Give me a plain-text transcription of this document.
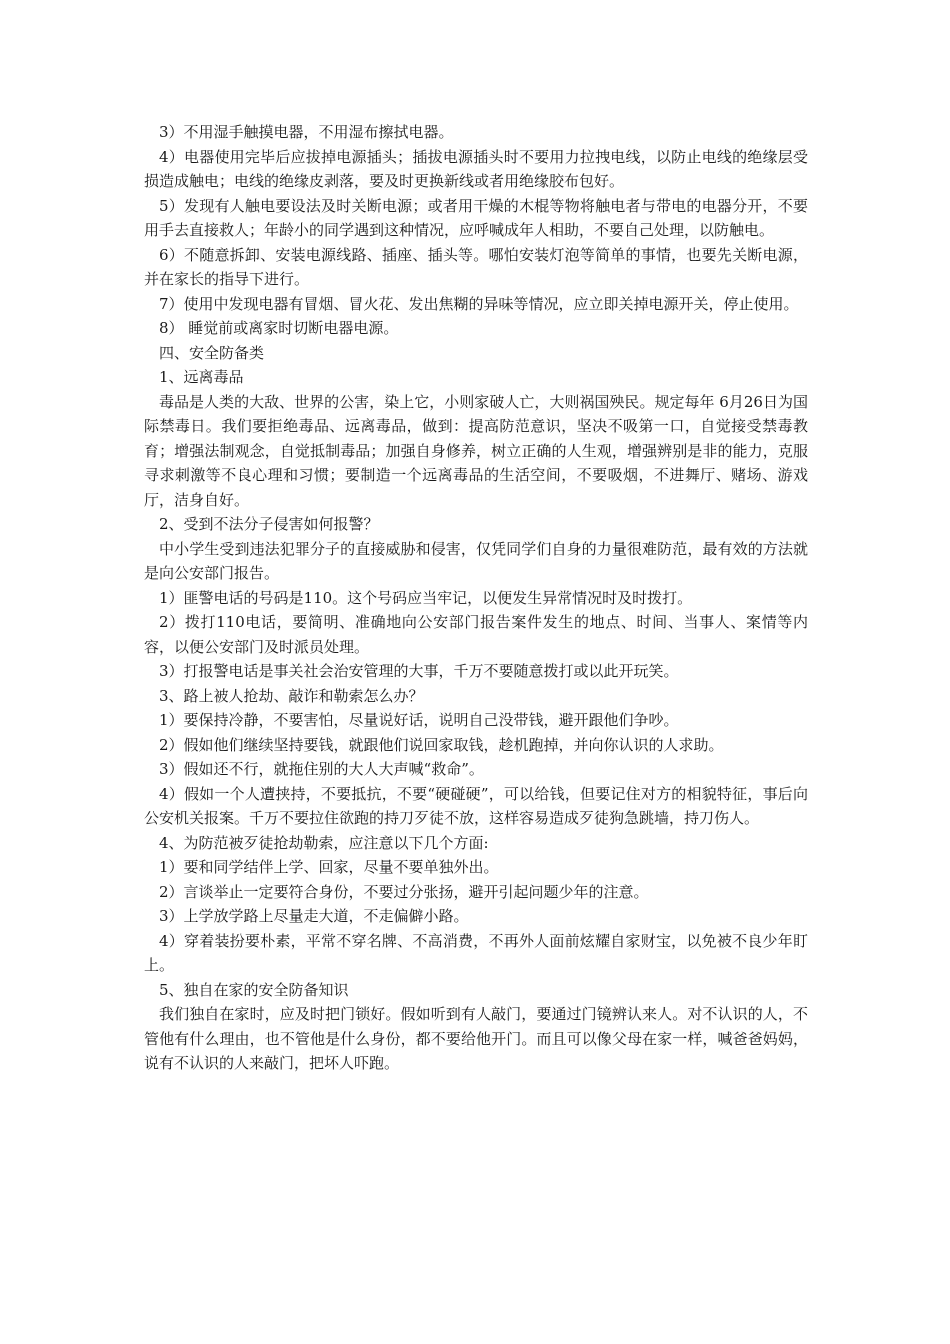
3）不用湿手触摸电器，不用湿布擦拭电器。

4）电器使用完毕后应拔掉电源插头；插拔电源插头时不要用力拉拽电线，以防止电线的绝缘层受损造成触电；电线的绝缘皮剥落，要及时更换新线或者用绝缘胶布包好。

5）发现有人触电要设法及时关断电源；或者用干燥的木棍等物将触电者与带电的电器分开，不要用手去直接救人；年龄小的同学遇到这种情况，应呼喊成年人相助，不要自己处理，以防触电。

6）不随意拆卸、安装电源线路、插座、插头等。哪怕安装灯泡等简单的事情，也要先关断电源，并在家长的指导下进行。

7）使用中发现电器有冒烟、冒火花、发出焦糊的异味等情况，应立即关掉电源开关，停止使用。

8） 睡觉前或离家时切断电器电源。

四、安全防备类

1、远离毒品

毒品是人类的大敌、世界的公害，染上它，小则家破人亡，大则祸国殃民。规定每年 6月26日为国际禁毒日。我们要拒绝毒品、远离毒品，做到：提高防范意识，坚决不吸第一口，自觉接受禁毒教育；增强法制观念，自觉抵制毒品；加强自身修养，树立正确的人生观，增强辨别是非的能力，克服寻求刺激等不良心理和习惯；要制造一个远离毒品的生活空间，不要吸烟，不进舞厅、赌场、游戏厅，洁身自好。

2、受到不法分子侵害如何报警？

中小学生受到违法犯罪分子的直接威胁和侵害，仅凭同学们自身的力量很难防范，最有效的方法就是向公安部门报告。

1）匪警电话的号码是110。这个号码应当牢记，以便发生异常情况时及时拨打。

2）拨打110电话，要简明、准确地向公安部门报告案件发生的地点、时间、当事人、案情等内容，以便公安部门及时派员处理。

3）打报警电话是事关社会治安管理的大事，千万不要随意拨打或以此开玩笑。

3、路上被人抢劫、敲诈和勒索怎么办？

1）要保持冷静，不要害怕，尽量说好话，说明自己没带钱，避开跟他们争吵。

2）假如他们继续坚持要钱，就跟他们说回家取钱，趁机跑掉，并向你认识的人求助。

3）假如还不行，就拖住别的大人大声喊“救命”。

4）假如一个人遭挟持，不要抵抗，不要“硬碰硬”，可以给钱，但要记住对方的相貌特征，事后向公安机关报案。千万不要拉住欲跑的持刀歹徒不放，这样容易造成歹徒狗急跳墙，持刀伤人。

4、为防范被歹徒抢劫勒索，应注意以下几个方面:

1）要和同学结伴上学、回家，尽量不要单独外出。

2）言谈举止一定要符合身份，不要过分张扬，避开引起问题少年的注意。

3）上学放学路上尽量走大道，不走偏僻小路。

4）穿着装扮要朴素，平常不穿名牌、不高消费，不再外人面前炫耀自家财宝，以免被不良少年盯上。

5、独自在家的安全防备知识

我们独自在家时，应及时把门锁好。假如听到有人敲门，要通过门镜辨认来人。对不认识的人，不管他有什么理由，也不管他是什么身份，都不要给他开门。而且可以像父母在家一样，喊爸爸妈妈，说有不认识的人来敲门，把坏人吓跑。
